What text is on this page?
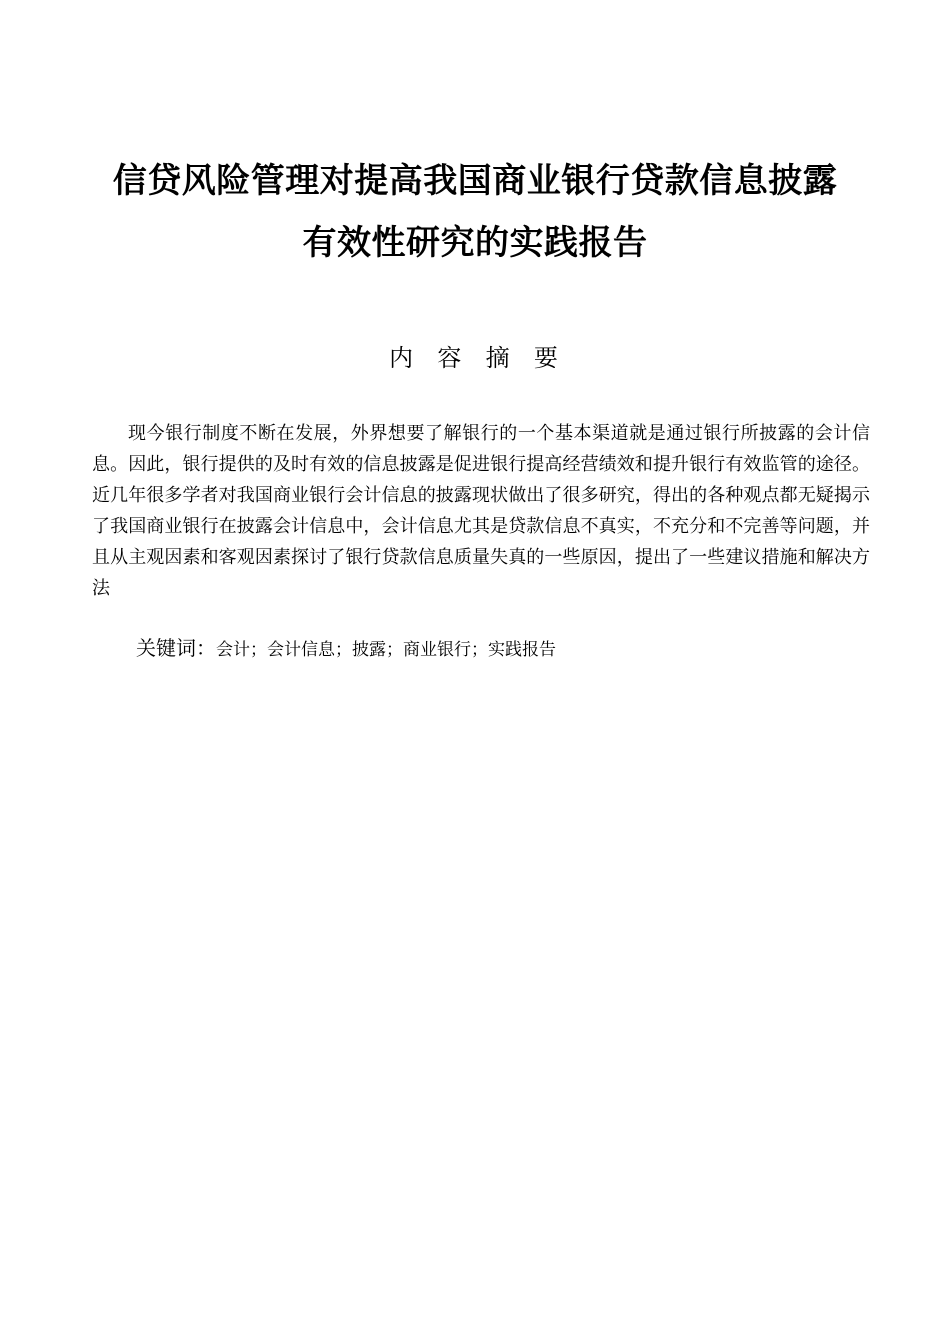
信贷风险管理对提高我国商业银行贷款信息披露
有效性研究的实践报告
内  容  摘  要
现今银行制度不断在发展，外界想要了解银行的一个基本渠道就是通过银行所披露的会计信息。因此，银行提供的及时有效的信息披露是促进银行提高经营绩效和提升银行有效监管的途径。近几年很多学者对我国商业银行会计信息的披露现状做出了很多研究，得出的各种观点都无疑揭示了我国商业银行在披露会计信息中，会计信息尤其是贷款信息不真实，不充分和不完善等问题，并且从主观因素和客观因素探讨了银行贷款信息质量失真的一些原因，提出了一些建议措施和解决方法
关键词：会计；会计信息；披露；商业银行；实践报告
